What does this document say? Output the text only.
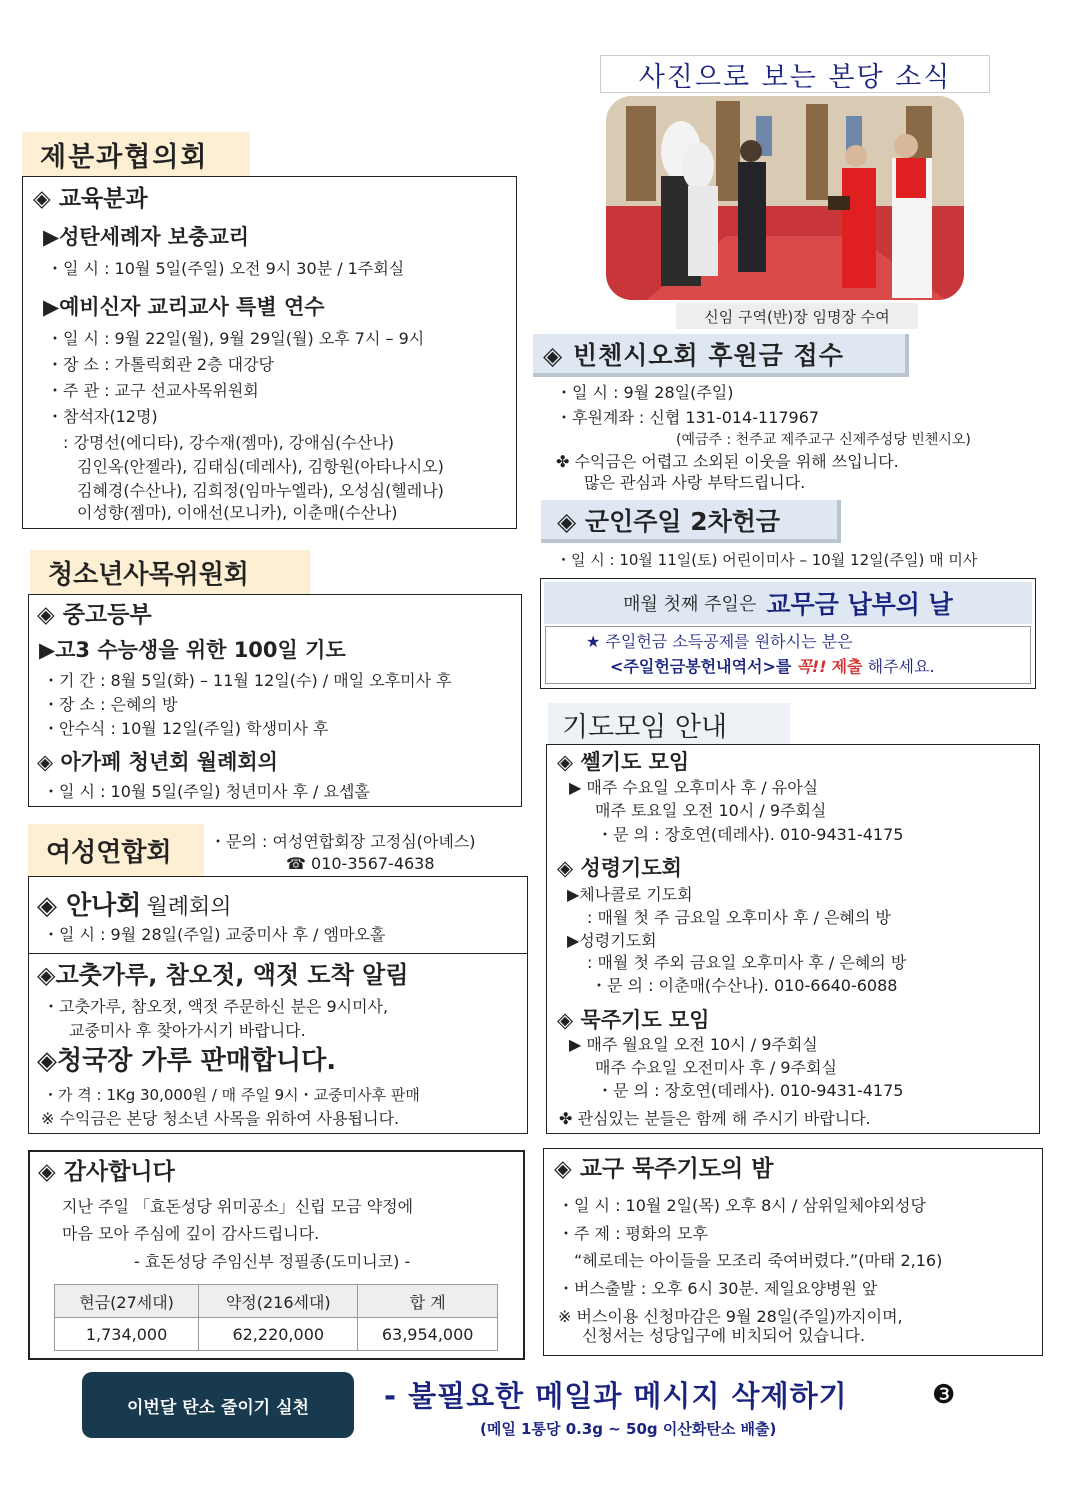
제분과협의회
◈ 교육분과
▶성탄세례자 보충교리
・일 시 : 10월 5일(주일) 오전 9시 30분 / 1주회실
▶예비신자 교리교사 특별 연수
・일 시 : 9월 22일(월), 9월 29일(월) 오후 7시 – 9시
・장 소 : 가톨릭회관 2층 대강당
・주 관 : 교구 선교사목위원회
・참석자(12명)
: 강명선(에디타), 강수재(젬마), 강애심(수산나)
김인옥(안젤라), 김태심(데레사), 김항원(아타나시오)
김혜경(수산나), 김희정(임마누엘라), 오성심(헬레나)
이성향(젬마), 이애선(모니카), 이춘매(수산나)
청소년사목위원회
◈ 중고등부
▶고3 수능생을 위한 100일 기도
・기 간 : 8월 5일(화) – 11월 12일(수) / 매일 오후미사 후
・장 소 : 은혜의 방
・안수식 : 10월 12일(주일) 학생미사 후
◈ 아가페 청년회 월례회의
・일 시 : 10월 5일(주일) 청년미사 후 / 요셉홀
여성연합회	・문의 : 여성연합회장 고정심(아녜스)
☎ 010-3567-4638
◈ 안나회 월례회의
・일 시 : 9월 28일(주일) 교중미사 후 / 엠마오홀
◈고춧가루, 참오젓, 액젓 도착 알림
・고춧가루, 참오젓, 액젓 주문하신 분은 9시미사,
교중미사 후 찾아가시기 바랍니다.
◈청국장 가루 판매합니다.
・가 격 : 1Kg 30,000원 / 매 주일 9시・교중미사후 판매
※ 수익금은 본당 청소년 사목을 위하여 사용됩니다.
◈ 감사합니다
지난 주일 「효돈성당 위미공소」신립 모금 약정에
마음 모아 주심에 깊이 감사드립니다.
- 효돈성당 주임신부 정필종(도미니코) -
현금(27세대)	약정(216세대)	합 계
1,734,000	62,220,000	63,954,000
사진으로 보는 본당 소식
신임 구역(반)장 임명장 수여
◈ 빈첸시오회 후원금 접수
・일 시 : 9월 28일(주일)
・후원계좌 : 신협 131-014-117967
(예금주 : 천주교 제주교구 신제주성당 빈첸시오)
✤ 수익금은 어렵고 소외된 이웃을 위해 쓰입니다.
많은 관심과 사랑 부탁드립니다.
◈ 군인주일 2차헌금
・일 시 : 10월 11일(토) 어린이미사 – 10월 12일(주일) 매 미사
매월 첫째 주일은 교무금 납부의 날
★ 주일헌금 소득공제를 원하시는 분은
<주일헌금봉헌내역서>를 꼭!! 제출 해주세요.
기도모임 안내
◈ 쎌기도 모임
▶ 매주 수요일 오후미사 후 / 유아실
매주 토요일 오전 10시 / 9주회실
・문 의 : 장호연(데레사). 010-9431-4175
◈ 성령기도회
▶체나콜로 기도회
: 매월 첫 주 금요일 오후미사 후 / 은혜의 방
▶성령기도회
: 매월 첫 주외 금요일 오후미사 후 / 은혜의 방
・문 의 : 이춘매(수산나). 010-6640-6088
◈ 묵주기도 모임
▶ 매주 월요일 오전 10시 / 9주회실
매주 수요일 오전미사 후 / 9주회실
・문 의 : 장호연(데레사). 010-9431-4175
✤ 관심있는 분들은 함께 해 주시기 바랍니다.
◈ 교구 묵주기도의 밤
・일 시 : 10월 2일(목) 오후 8시 / 삼위일체야외성당
・주 제 : 평화의 모후
“헤로데는 아이들을 모조리 죽여버렸다.”(마태 2,16)
・버스출발 : 오후 6시 30분. 제일요양병원 앞
※ 버스이용 신청마감은 9월 28일(주일)까지이며,
신청서는 성당입구에 비치되어 있습니다.
이번달 탄소 줄이기 실천	- 불필요한 메일과 메시지 삭제하기	❸
(메일 1통당 0.3g ~ 50g 이산화탄소 배출)
